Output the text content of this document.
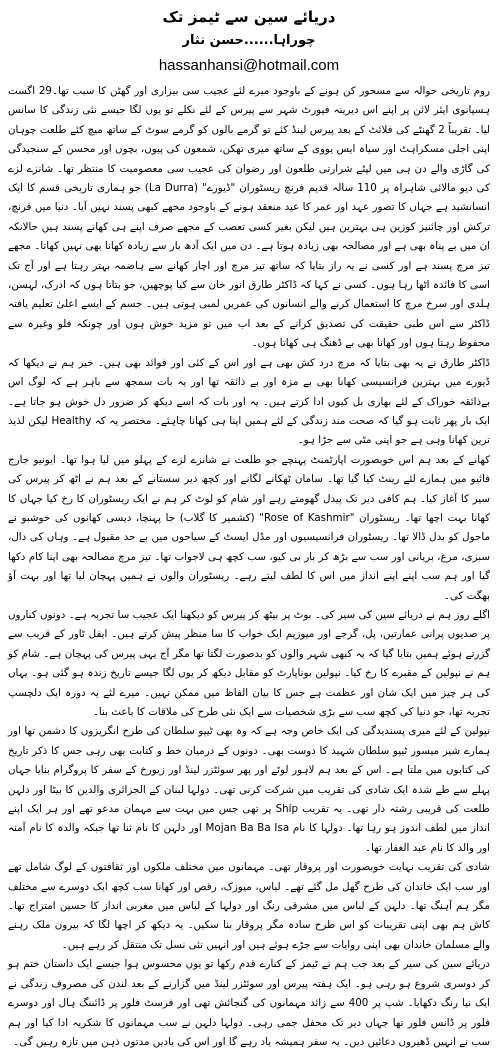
دریائے سین سے ٹیمز تک
چوراہا......حسن نثار
hassanhansi@hotmail.com

روم تاریخی حوالہ سے مسحور کن ہونے کے باوجود میرے لئے عجیب سی بیزاری اور گھٹن کا سبب تھا۔29 اگست ہسپانوی ایئر لائن پر اپنے اس دیرینہ فیورٹ شہر سے پیرس کے لئے نکلے تو یوں لگا جیسے نئی زندگی کا سانس لیا۔ تقریباً 2 گھنٹے کی فلائٹ کے بعد پیرس لینڈ کئے تو گرمے بالوں کو گرمے سوٹ کے ساتھ میچ کئے طلعت چوہان اپنی اجلی مسکراہٹ اور سیاہ ایس یووی کے ساتھ میری تھکن، شمعون کی پیوں، بچوں اور محسن کے سنجیدگی کی گاڑی والے دن ہی میں لپٹے شرارتی طلعون اور رضوان کی عجیب سی معصومیت کا منتظر تھا۔ شانزے لزے کی دیو مالائی شاہراہ پر 110 سالہ قدیم فرنچ ریسٹوران "ڈیورے" (La Durra) جو ہماری تاریخی قسم کا ایک انسانشید ہے جہاں کا تصور عہد اور عمر کا عید منعقد ہونے کے باوجود مجھے کبھی پسند نہیں آیا۔ دنیا میں فرنچ، ترکش اور چائنیز کوزین ہی بہترین ہیں لیکن بغیر کسی تعصب کے مجھے صرف اپنے ہی کھانے پسند ہیں حالانکہ ان میں بے پناہ بھی ہے اور مصالحہ بھی زیادہ ہوتا ہے۔ دن میں ایک آدھ بار سے زیادہ کھانا بھی نہیں کھاتا۔ مجھے تیز مرچ پسند ہے اور کسی نے یہ راز بتایا کہ ساتھ تیز مرچ اور اچار کھانے سے ہاضمہ بہتر رہتا ہے اور آج تک اسی کا فائدہ اٹھا رہا ہوں۔ کسی نے کہا کہ ڈاکٹر طارق انور خان سے کیا پوچھیں، جو بتاتا ہوں کہ ادرک، لہسن، ہلدی اور سرخ مرچ کا استعمال کرنے والے انسانوں کی عمریں لمبی ہوتی ہیں۔ جسم کے ایسے اعلیٰ تعلیم یافتہ ڈاکٹر سے اس طبی حقیقت کی تصدیق کرانے کے بعد اب میں تو مزید خوش ہوں اور چونکہ فلو وغیرہ سے محفوظ رہتا ہوں اور کھانا بھی بے ڈھنگ ہی کھاتا ہوں۔

ڈاکٹر طارق نے یہ بھی بتایا کہ مرچ درد کش بھی ہے اور اس کے کئی اور فوائد بھی ہیں۔ خیر ہم نے دیکھا کہ ڈیورے میں بہترین فرانسیسی کھانا بھی بے مزہ اور بے ذائقہ تھا اور یہ بات سمجھ سے باہر ہے کہ لوگ اس بےذائقہ خوراک کے لئے بھاری بل کیوں ادا کرتے ہیں۔ یہ اور بات کہ اسے دیکھ کر ضرور دل خوش ہو جاتا ہے۔ ایک بار پھر ثابت ہو گیا کہ صحت مند زندگی کے لئے ہمیں اپنا ہی کھانا چاہئے۔ مختصر یہ کہ Healthy لیکن لذیذ ترین کھانا وہی ہے جو اپنی مٹی سے جڑا ہو۔

کھانے کے بعد ہم اس خوبصورت اپارٹمنٹ پہنچے جو طلعت نے شانزے لزے کے پہلو میں لیا ہوا تھا۔ ایونیو جارج فائیو میں ہمارے لئے رینٹ کیا گیا تھا۔ سامان ٹھکانے لگانے اور کچھ دیر سستانے کے بعد ہم نے اٹھ کر پیرس کی سیر کا آغاز کیا۔ ہم کافی دیر تک پیدل گھومتے رہے اور شام کو لوٹ کر ہم نے ایک ریسٹوران کا رخ کیا جہاں کا کھانا بہت اچھا تھا۔ ریسٹوران "Rose of Kashmir" (کشمیر کا گلاب) جا پہنچا، دیسی کھانوں کی خوشبو نے ماحول کو بدل ڈالا تھا۔ ریسٹوران فرانسیسیوں اور مڈل ایسٹ کے سیاحوں میں بے حد مقبول ہے۔ وہاں کی دال، سبزی، مرغ، بریانی اور سب سے بڑھ کر بار بی کیو، سب کچھ ہی لاجواب تھا۔ تیز مرچ مصالحہ بھی اپنا کام دکھا گیا اور ہم سب اپنے اپنے انداز میں اس کا لطف لیتے رہے۔ ریسٹوران والوں نے ہمیں پہچان لیا تھا اور بہت آؤ بھگت کی۔

اگلے روز ہم نے دریائے سین کی سیر کی۔ بوٹ پر بیٹھ کر پیرس کو دیکھنا ایک عجیب سا تجربہ ہے۔ دونوں کناروں پر صدیوں پرانی عمارتیں، پل، گرجے اور میوزیم ایک خواب کا سا منظر پیش کرتے ہیں۔ ایفل ٹاور کے قریب سے گزرتے ہوئے ہمیں بتایا گیا کہ یہ کبھی شہر والوں کو بدصورت لگتا تھا مگر آج یہی پیرس کی پہچان ہے۔ شام کو ہم نے نپولین کے مقبرے کا رخ کیا۔ نپولین بوناپارٹ کو مقابل دیکھ کر یوں لگا جیسے تاریخ زندہ ہو گئی ہو۔ یہاں کی ہر چیز میں ایک شان اور عظمت ہے جس کا بیان الفاظ میں ممکن نہیں۔ میرے لئے یہ دورہ ایک دلچسپ تجربہ تھا، جو دنیا کی کچھ سب سے بڑی شخصیات سے ایک نئی طرح کی ملاقات کا باعث بنا۔

نپولین کے لئے میری پسندیدگی کی ایک خاص وجہ ہے کہ وہ بھی ٹیپو سلطان کی طرح انگریزوں کا دشمن تھا اور ہمارے شیر میسور ٹیپو سلطان شہید کا دوست بھی۔ دونوں کے درمیان خط و کتابت بھی رہی جس کا ذکر تاریخ کی کتابوں میں ملتا ہے۔ اس کے بعد ہم لاہور لوٹے اور پھر سوئٹزر لینڈ اور زیورخ کے سفر کا پروگرام بنایا جہاں پہلے سے طے شدہ ایک شادی کی تقریب میں شرکت کرنی تھی۔ دولہا لبنان کے الجزائری والدین کا بیٹا اور دلہن طلعت کی قریبی رشتہ دار تھی۔ یہ تقریب Ship پر تھی جس میں بہت سے مہمان مدعو تھے اور ہر ایک اپنے انداز میں لطف اندوز ہو رہا تھا۔ دولہا کا نام Mojan Ba Ba Isa اور دلہن کا نام ثنا تھا جبکہ والدہ کا نام آمنہ اور والد کا نام عبد الغفار تھا۔

شادی کی تقریب نہایت خوبصورت اور پروقار تھی۔ مہمانوں میں مختلف ملکوں اور ثقافتوں کے لوگ شامل تھے اور سب ایک خاندان کی طرح گھل مل گئے تھے۔ لباس، میوزک، رقص اور کھانا سب کچھ ایک دوسرے سے مختلف مگر ہم آہنگ تھا۔ دلہن کے لباس میں مشرقی رنگ اور دولہا کے لباس میں مغربی انداز کا حسین امتزاج تھا۔ کاش ہم بھی اپنی تقریبات کو اس طرح سادہ مگر پروقار بنا سکیں۔ یہ دیکھ کر اچھا لگا کہ بیرون ملک رہنے والے مسلمان خاندان بھی اپنی روایات سے جڑے ہوئے ہیں اور انہیں نئی نسل تک منتقل کر رہے ہیں۔

دریائے سین کی سیر کے بعد جب ہم نے ٹیمز کے کنارے قدم رکھا تو یوں محسوس ہوا جیسے ایک داستان ختم ہو کر دوسری شروع ہو رہی ہو۔ ایک ہفتہ پیرس اور سوئٹزر لینڈ میں گزارنے کے بعد لندن کی مصروف زندگی نے ایک نیا رنگ دکھایا۔ شپ پر 400 سے زائد مہمانوں کی گنجائش تھی اور فرسٹ فلور پر ڈائننگ ہال اور دوسرے فلور پر ڈانس فلور تھا جہاں دیر تک محفل جمی رہی۔ دولہا دلہن نے سب مہمانوں کا شکریہ ادا کیا اور ہم سب نے انہیں ڈھیروں دعائیں دیں۔ یہ سفر ہمیشہ یاد رہے گا اور اس کی یادیں مدتوں ذہن میں تازہ رہیں گی۔
